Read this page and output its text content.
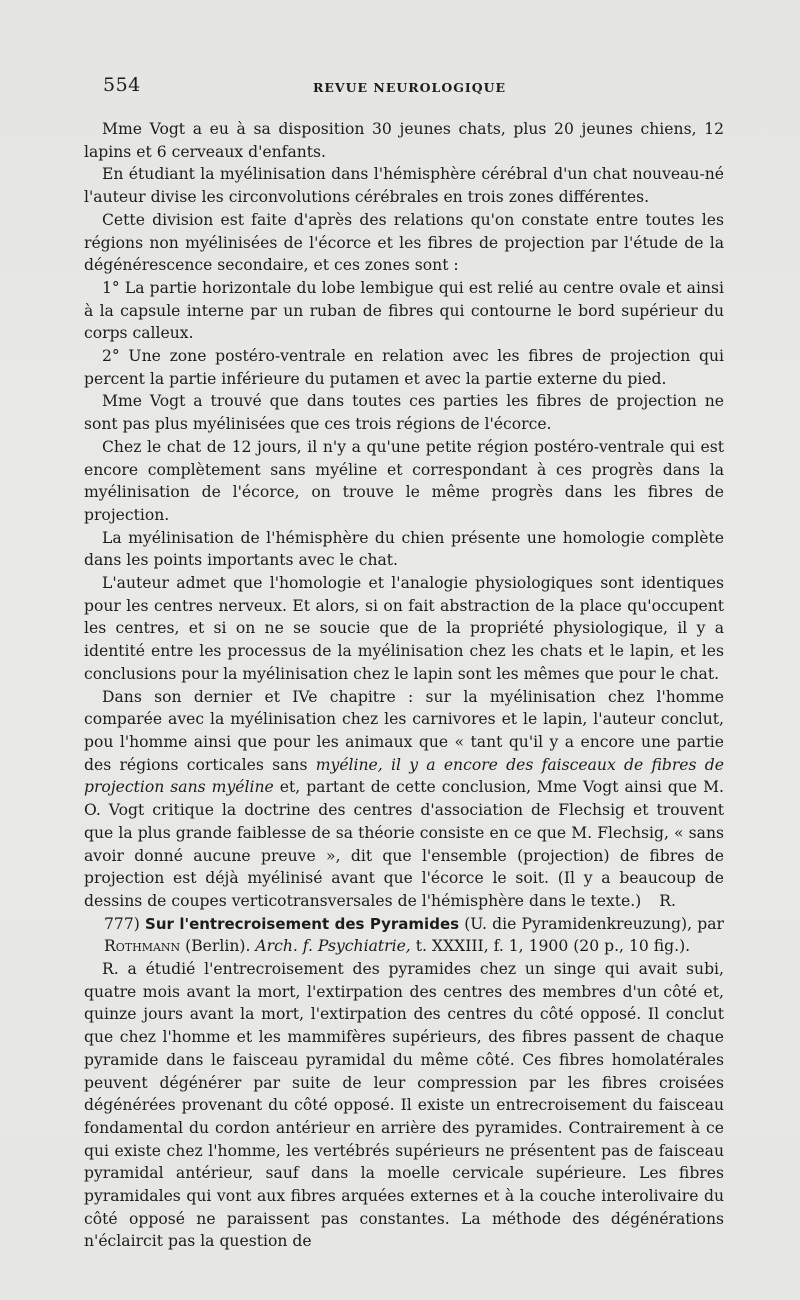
554	REVUE NEUROLOGIQUE

Mme Vogt a eu à sa disposition 30 jeunes chats, plus 20 jeunes chiens, 12 lapins et 6 cerveaux d'enfants.

En étudiant la myélinisation dans l'hémisphère cérébral d'un chat nouveau-né l'auteur divise les circonvolutions cérébrales en trois zones différentes.

Cette division est faite d'après des relations qu'on constate entre toutes les régions non myélinisées de l'écorce et les fibres de projection par l'étude de la dégénérescence secondaire, et ces zones sont :

1° La partie horizontale du lobe lembigue qui est relié au centre ovale et ainsi à la capsule interne par un ruban de fibres qui contourne le bord supérieur du corps calleux.

2° Une zone postéro-ventrale en relation avec les fibres de projection qui percent la partie inférieure du putamen et avec la partie externe du pied.

Mme Vogt a trouvé que dans toutes ces parties les fibres de projection ne sont pas plus myélinisées que ces trois régions de l'écorce.

Chez le chat de 12 jours, il n'y a qu'une petite région postéro-ventrale qui est encore complètement sans myéline et correspondant à ces progrès dans la myélinisation de l'écorce, on trouve le même progrès dans les fibres de projection.

La myélinisation de l'hémisphère du chien présente une homologie complète dans les points importants avec le chat.

L'auteur admet que l'homologie et l'analogie physiologiques sont identiques pour les centres nerveux. Et alors, si on fait abstraction de la place qu'occupent les centres, et si on ne se soucie que de la propriété physiologique, il y a identité entre les processus de la myélinisation chez les chats et le lapin, et les conclusions pour la myélinisation chez le lapin sont les mêmes que pour le chat.

Dans son dernier et IVe chapitre : sur la myélinisation chez l'homme comparée avec la myélinisation chez les carnivores et le lapin, l'auteur conclut, pou l'homme ainsi que pour les animaux que « tant qu'il y a encore une partie des régions corticales sans myéline, il y a encore des faisceaux de fibres de projection sans myéline et, partant de cette conclusion, Mme Vogt ainsi que M. O. Vogt critique la doctrine des centres d'association de Flechsig et trouvent que la plus grande faiblesse de sa théorie consiste en ce que M. Flechsig, « sans avoir donné aucune preuve », dit que l'ensemble (projection) de fibres de projection est déjà myélinisé avant que l'écorce le soit. (Il y a beaucoup de dessins de coupes verticotransversales de l'hémisphère dans le texte.)	R.

777) Sur l'entrecroisement des Pyramides (U. die Pyramidenkreuzung), par Rothmann (Berlin). Arch. f. Psychiatrie, t. XXXIII, f. 1, 1900 (20 p., 10 fig.).

R. a étudié l'entrecroisement des pyramides chez un singe qui avait subi, quatre mois avant la mort, l'extirpation des centres des membres d'un côté et, quinze jours avant la mort, l'extirpation des centres du côté opposé. Il conclut que chez l'homme et les mammifères supérieurs, des fibres passent de chaque pyramide dans le faisceau pyramidal du même côté. Ces fibres homolatérales peuvent dégénérer par suite de leur compression par les fibres croisées dégénérées provenant du côté opposé. Il existe un entrecroisement du faisceau fondamental du cordon antérieur en arrière des pyramides. Contrairement à ce qui existe chez l'homme, les vertébrés supérieurs ne présentent pas de faisceau pyramidal antérieur, sauf dans la moelle cervicale supérieure. Les fibres pyramidales qui vont aux fibres arquées externes et à la couche interolivaire du côté opposé ne paraissent pas constantes. La méthode des dégénérations n'éclaircit pas la question de
